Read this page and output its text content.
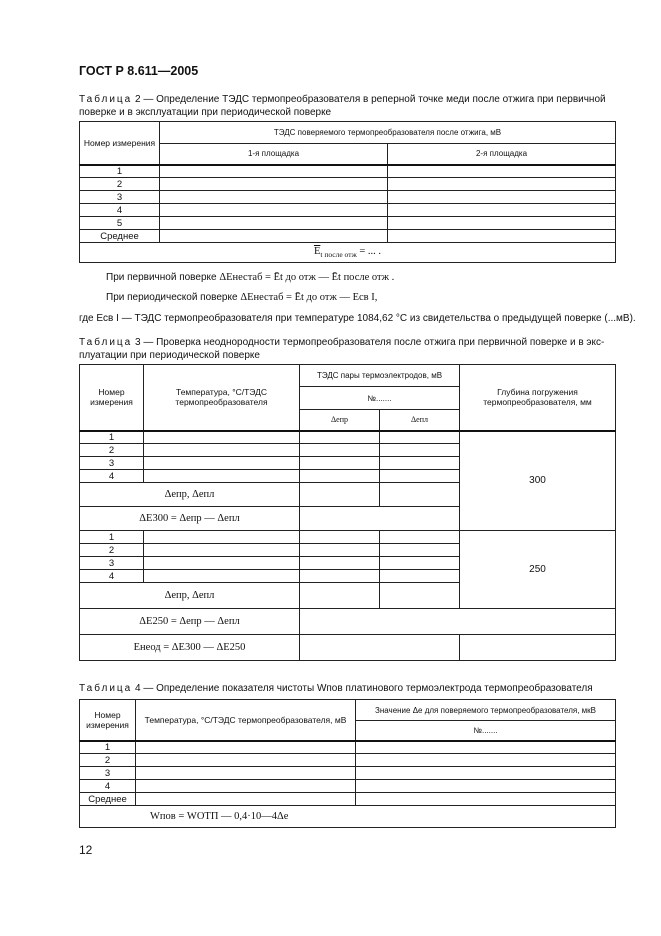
ГОСТ Р 8.611—2005
Таблица 2 — Определение ТЭДС термопреобразователя в реперной точке меди после отжига при первичной
поверке и в эксплуатации при периодической поверке
Номер измерения	ТЭДС поверяемого термопреобразователя после отжига, мВ	
	1-я площадка	2-я площадка
1		
2		
3		
4		
5		
Среднее		
$\overline{E}_{t после отж}$ = ... .		
При первичной поверке ΔEнестаб = Ēt до отж — Ēt после отж .
При периодической поверке ΔEнестаб = Ēt до отж — Eсв I,
где Eсв I — ТЭДС термопреобразователя при температуре 1084,62 °С из свидетельства о предыдущей поверке (...мВ).
Таблица 3 — Проверка неоднородности термопреобразователя после отжига при первичной поверке и в экс-
плуатации при периодической поверке
Номер измерения	Температура, °С/ТЭДС термопреобразователя	ТЭДС пары термоэлектродов, мВ		Глубина погружения термопреобразователя, мм
		№.......		
		Δeпр	Δeпл	
1				300
2				
3				
4				
Δeпр, Δeпл				
ΔE300 = Δeпр — Δeпл				
1				250
2				
3				
4				
Δeпр, Δeпл				
ΔE250 = Δeпр — Δeпл				
Eнеод = ΔE300 — ΔE250				
Таблица 4 — Определение показателя чистоты Wпов платинового термоэлектрода термопреобразователя
Номер измерения	Температура, °С/ТЭДС термопреобразователя, мВ	Значение Δe для поверяемого термопреобразователя, мкВ
		№.......
1		
2		
3		
4		
Среднее		
Wпов = WОТП — 0,4·10—4Δe		
12
